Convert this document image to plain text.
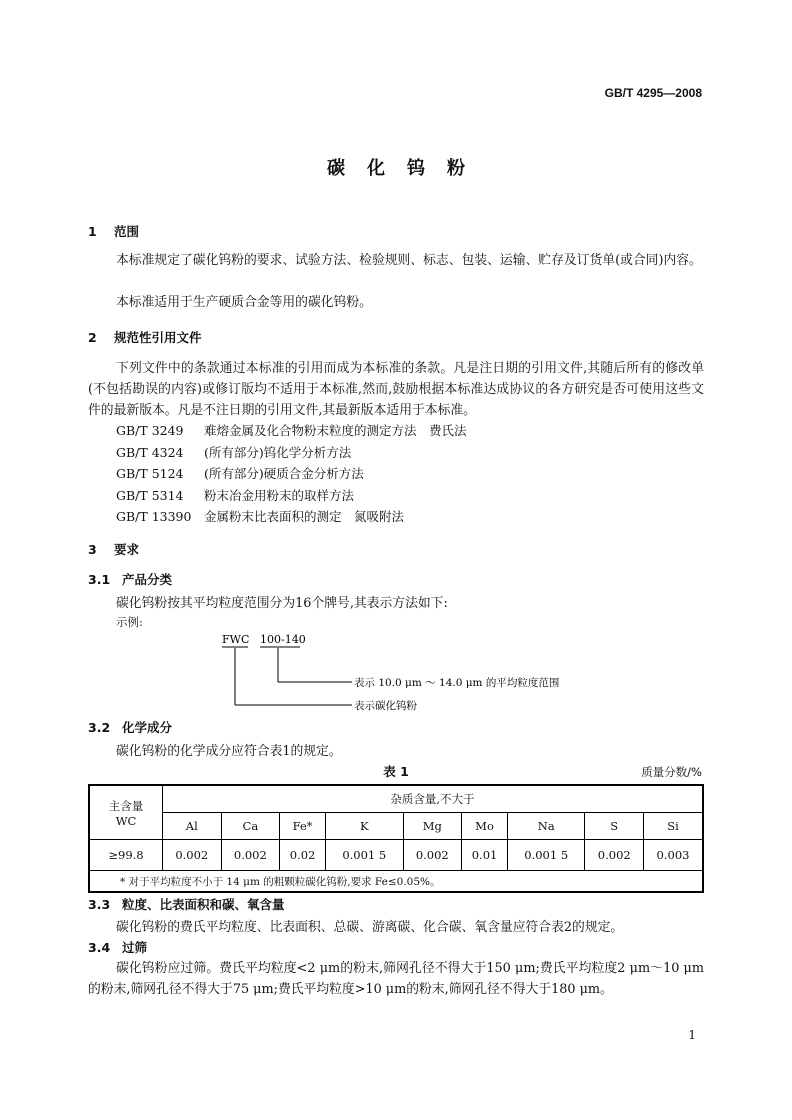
GB/T 4295—2008
碳化钨粉
1 范围
本标准规定了碳化钨粉的要求、试验方法、检验规则、标志、包装、运输、贮存及订货单(或合同)内容。
本标准适用于生产硬质合金等用的碳化钨粉。
2 规范性引用文件
下列文件中的条款通过本标准的引用而成为本标准的条款。凡是注日期的引用文件,其随后所有的修改单(不包括勘误的内容)或修订版均不适用于本标准,然而,鼓励根据本标准达成协议的各方研究是否可使用这些文件的最新版本。凡是不注日期的引用文件,其最新版本适用于本标准。
GB/T 3249 难熔金属及化合物粉末粒度的测定方法　费氏法
GB/T 4324 (所有部分)钨化学分析方法
GB/T 5124 (所有部分)硬质合金分析方法
GB/T 5314 粉末冶金用粉末的取样方法
GB/T 13390 金属粉末比表面积的测定　氮吸附法
3 要求
3.1 产品分类
碳化钨粉按其平均粒度范围分为16个牌号,其表示方法如下:
示例:
FWC 100-140
表示 10.0 μm ～ 14.0 μm 的平均粒度范围
表示碳化钨粉
3.2 化学成分
碳化钨粉的化学成分应符合表1的规定。
表 1	质量分数/%
主含量
WC	杂质含量,不大于								
	Al	Ca	Fe*	K	Mg	Mo	Na	S	Si
≥99.8	0.002	0.002	0.02	0.001 5	0.002	0.01	0.001 5	0.002	0.003
* 对于平均粒度不小于 14 μm 的粗颗粒碳化钨粉,要求 Fe≤0.05%。									
3.3 粒度、比表面积和碳、氧含量
碳化钨粉的费氏平均粒度、比表面积、总碳、游离碳、化合碳、氧含量应符合表2的规定。
3.4 过筛
碳化钨粉应过筛。费氏平均粒度<2 μm的粉末,筛网孔径不得大于150 μm;费氏平均粒度2 μm～10 μm的粉末,筛网孔径不得大于75 μm;费氏平均粒度>10 μm的粉末,筛网孔径不得大于180 μm。
1
